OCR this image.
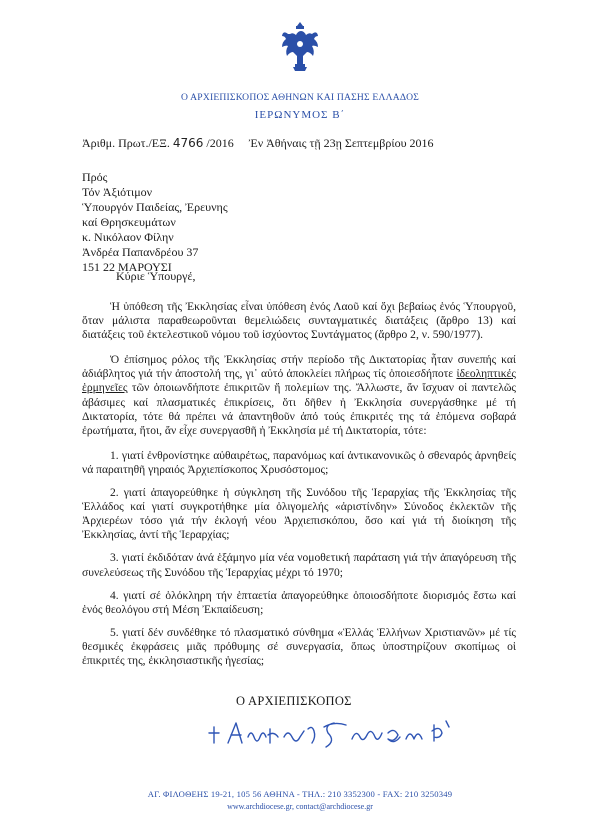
Ο ΑΡΧΙΕΠΙΣΚΟΠΟΣ ΑΘΗΝΩΝ ΚΑΙ ΠΑΣΗΣ ΕΛΛΑΔΟΣ
ΙΕΡΩΝΥΜΟΣ Β΄
Ἀριθμ. Πρωτ./ΕΞ. 4766 /2016 Ἐν Ἀθήναις τῇ 23ῃ Σεπτεμβρίου 2016
Πρός
Τόν Ἀξιότιμον
Ὑπουργόν Παιδείας, Ἐρευνης
καί Θρησκευμάτων
κ. Νικόλαον Φίλην
Ἀνδρέα Παπανδρέου 37
151 22 ΜΑΡΟΥΣΙ
Κύριε Ὑπουργέ,

Ἡ ὑπόθεση τῆς Ἐκκλησίας εἶναι ὑπόθεση ἑνός Λαοῦ καί ὄχι βεβαίως ἑνός Ὑπουργοῦ, ὅταν μάλιστα παραθεωροῦνται θεμελιώδεις συνταγματικές διατάξεις (ἄρθρο 13) καί διατάξεις τοῦ ἐκτελεστικοῦ νόμου τοῦ ἰσχύοντος Συντάγματος (ἄρθρο 2, ν. 590/1977).

Ὁ ἐπίσημος ρόλος τῆς Ἐκκλησίας στήν περίοδο τῆς Δικτατορίας ἦταν συνεπής καί ἀδιάβλητος γιά τήν ἀποστολή της, γι᾽ αὐτό ἀποκλείει πλήρως τίς ὁποιεσδήποτε ἰδεοληπτικές ἑρμηνεῖες τῶν ὁποιωνδήποτε ἐπικριτῶν ἤ πολεμίων της. Ἄλλωστε, ἄν ἴσχυαν οἱ παντελῶς ἀβάσιμες καί πλασματικές ἐπικρίσεις, ὅτι δῆθεν ἡ Ἐκκλησία συνεργάσθηκε μέ τή Δικτατορία, τότε θά πρέπει νά ἀπαντηθοῦν ἀπό τούς ἐπικριτές της τά ἑπόμενα σοβαρά ἐρωτήματα, ἤτοι, ἄν εἶχε συνεργασθῆ ἡ Ἐκκλησία μέ τή Δικτατορία, τότε:

1. γιατί ἐνθρονίστηκε αὐθαιρέτως, παρανόμως καί ἀντικανονικῶς ὁ σθεναρός ἀρνηθείς νά παραιτηθῆ γηραιός Ἀρχιεπίσκοπος Χρυσόστομος;

2. γιατί ἀπαγορεύθηκε ἡ σύγκληση τῆς Συνόδου τῆς Ἱεραρχίας τῆς Ἐκκλησίας τῆς Ἑλλάδος καί γιατί συγκροτήθηκε μία ὀλιγομελής «ἀριστίνδην» Σύνοδος ἐκλεκτῶν τῆς Ἀρχιερέων τόσο γιά τήν ἐκλογή νέου Ἀρχιεπισκόπου, ὅσο καί γιά τή διοίκηση τῆς Ἐκκλησίας, ἀντί τῆς Ἱεραρχίας;

3. γιατί ἐκδιδόταν ἀνά ἑξάμηνο μία νέα νομοθετική παράταση γιά τήν ἀπαγόρευση τῆς συνελεύσεως τῆς Συνόδου τῆς Ἱεραρχίας μέχρι τό 1970;

4. γιατί σέ ὁλόκληρη τήν ἑπταετία ἀπαγορεύθηκε ὁποιοσδήποτε διορισμός ἔστω καί ἑνός θεολόγου στή Μέση Ἐκπαίδευση;

5. γιατί δέν συνδέθηκε τό πλασματικό σύνθημα «Ἑλλάς Ἑλλήνων Χριστιανῶν» μέ τίς θεσμικές ἐκφράσεις μιᾶς πρόθυμης σέ συνεργασία, ὅπως ὑποστηρίζουν σκοπίμως οἱ ἐπικριτές της, ἐκκλησιαστικῆς ἡγεσίας;

Ο ΑΡΧΙΕΠΙΣΚΟΠΟΣ
ΑΓ. ΦΙΛΟΘΕΗΣ 19-21, 105 56 ΑΘΗΝΑ - ΤΗΛ.: 210 3352300 - FAX: 210 3250349
www.archdiocese.gr, contact@archdiocese.gr
